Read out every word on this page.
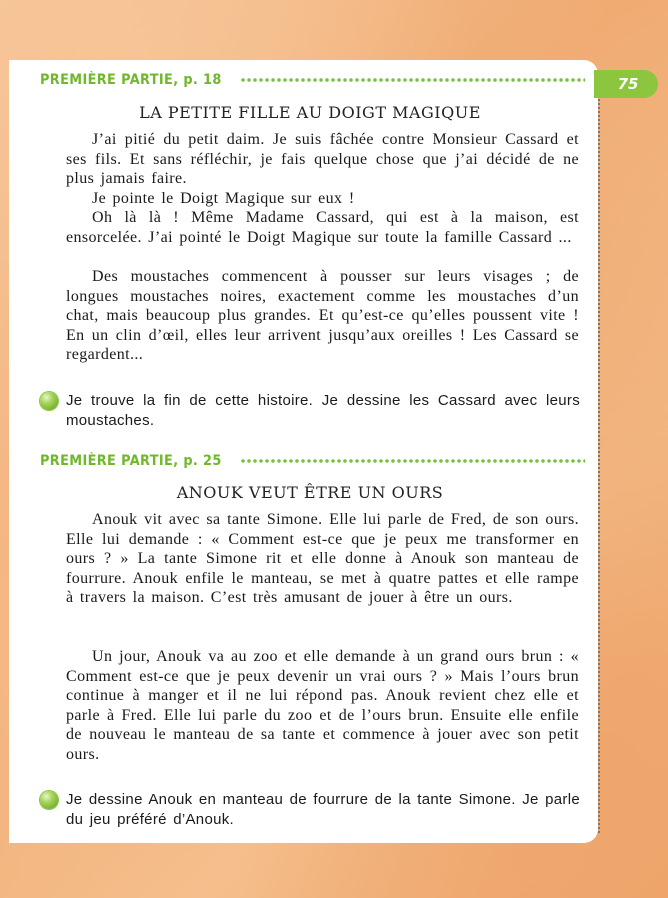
75
PREMIÈRE PARTIE, p. 18
LA PETITE FILLE AU DOIGT MAGIQUE

J’ai pitié du petit daim. Je suis fâchée contre Monsieur Cassard et ses fils. Et sans réfléchir, je fais quelque chose que j’ai décidé de ne plus jamais faire.

Je pointe le Doigt Magique sur eux !

Oh là là ! Même Madame Cassard, qui est à la maison, est ensorcelée. J’ai pointé le Doigt Magique sur toute la famille Cassard ...

Des moustaches commencent à pousser sur leurs visages ; de longues moustaches noires, exactement comme les moustaches d’un chat, mais beaucoup plus grandes. Et qu’est-ce qu’elles poussent vite ! En un clin d’œil, elles leur arrivent jusqu’aux oreilles ! Les Cassard se regardent...

Je trouve la fin de cette histoire. Je dessine les Cassard avec leurs moustaches.
PREMIÈRE PARTIE, p. 25
ANOUK VEUT ÊTRE UN OURS

Anouk vit avec sa tante Simone. Elle lui parle de Fred, de son ours. Elle lui demande : « Comment est-ce que je peux me transformer en ours ? » La tante Simone rit et elle donne à Anouk son manteau de fourrure. Anouk enfile le manteau, se met à quatre pattes et elle rampe à travers la maison. C’est très amusant de jouer à être un ours.

Un jour, Anouk va au zoo et elle demande à un grand ours brun : « Comment est-ce que je peux devenir un vrai ours ? » Mais l’ours brun continue à manger et il ne lui répond pas. Anouk revient chez elle et parle à Fred. Elle lui parle du zoo et de l’ours brun. Ensuite elle enfile de nouveau le manteau de sa tante et commence à jouer avec son petit ours.

Je dessine Anouk en manteau de fourrure de la tante Simone. Je parle du jeu préféré d’Anouk.
